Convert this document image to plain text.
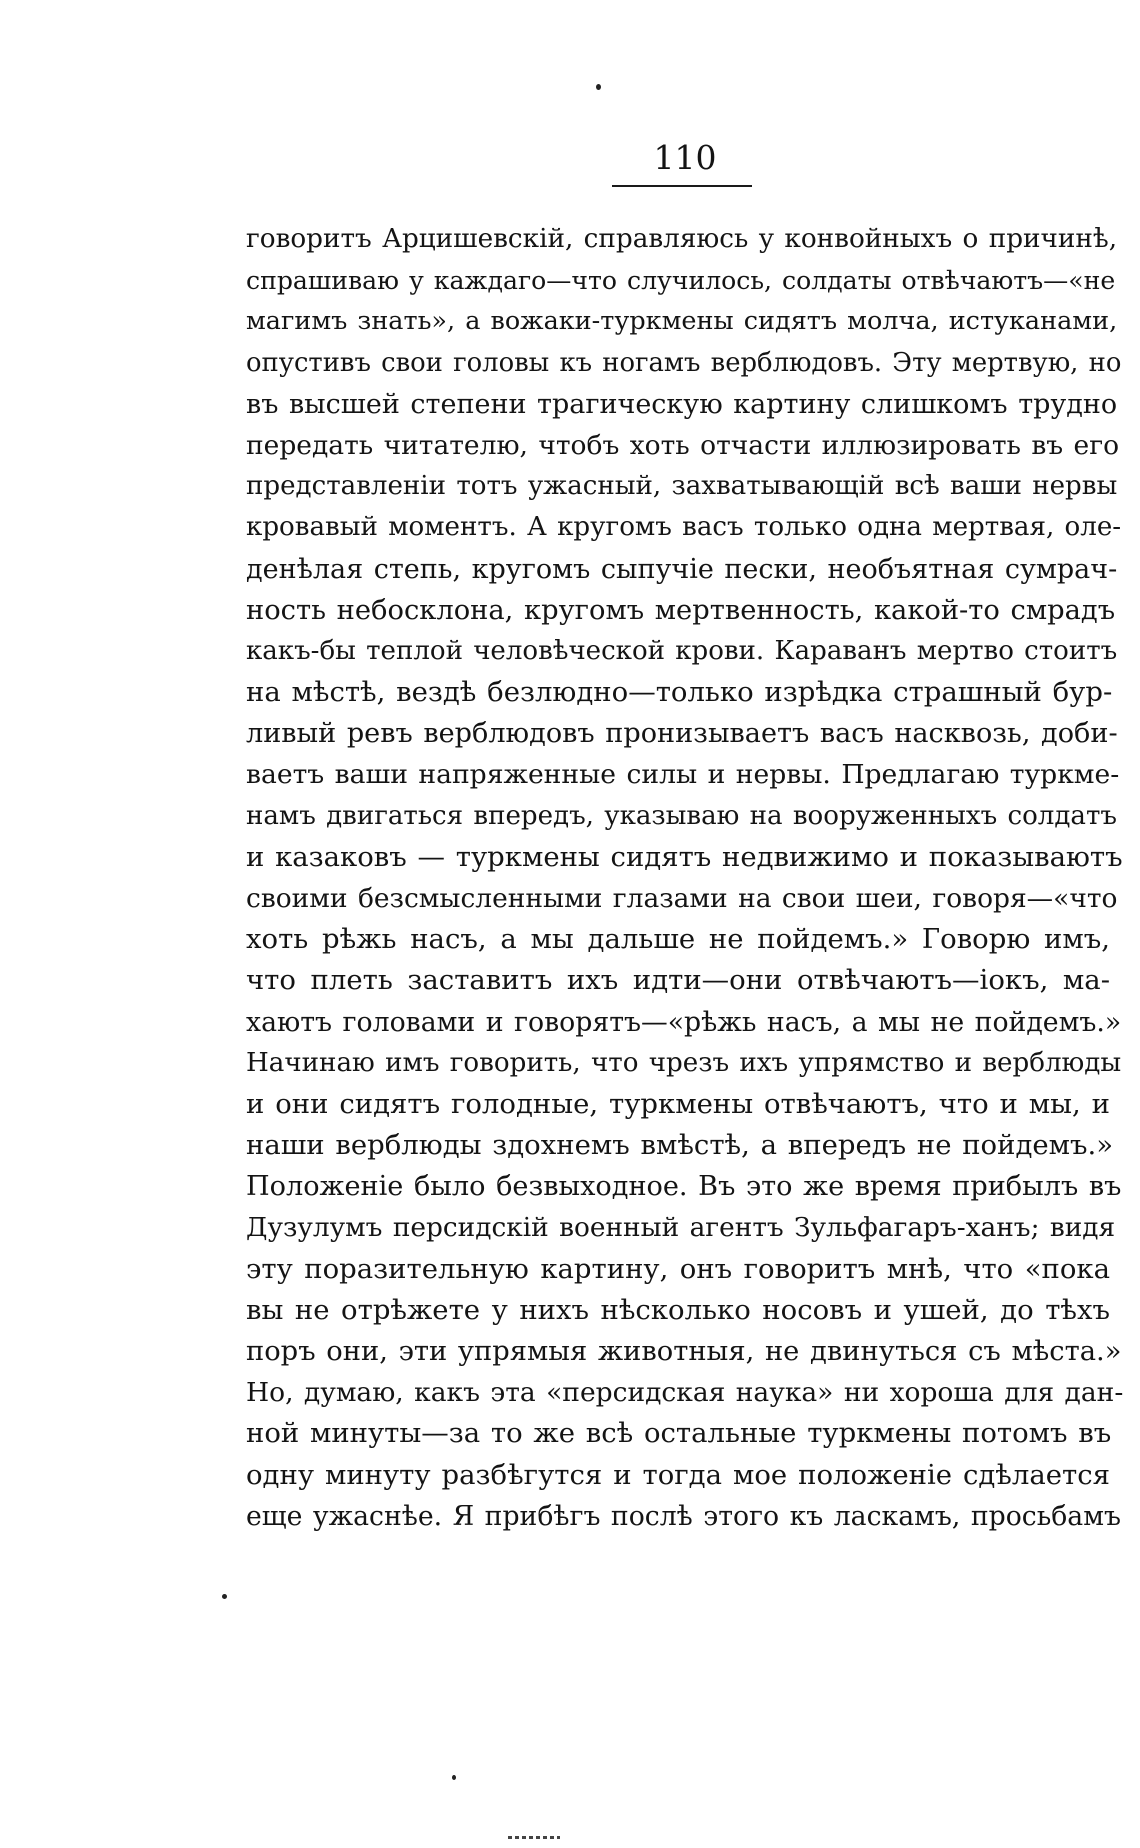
110
говоритъ Арцишевскiй, справляюсь у конвойныхъ о причинѣ,
спрашиваю у каждаго—что случилось, солдаты отвѣчаютъ—«не
магимъ знать», а вожаки-туркмены сидятъ молча, истуканами,
опустивъ свои головы къ ногамъ верблюдовъ. Эту мертвую, но
въ высшей степени трагическую картину слишкомъ трудно
передать читателю, чтобъ хоть отчасти иллюзировать въ его
представленiи тотъ ужасный, захватывающiй всѣ ваши нервы
кровавый моментъ. А кругомъ васъ только одна мертвая, оле-
денѣлая степь, кругомъ сыпучiе пески, необъятная сумрач-
ность небосклона, кругомъ мертвенность, какой-то смрадъ
какъ-бы теплой человѣческой крови. Караванъ мертво стоитъ
на мѣстѣ, вездѣ безлюдно—только изрѣдка страшный бур-
ливый ревъ верблюдовъ пронизываетъ васъ насквозь, доби-
ваетъ ваши напряженные силы и нервы. Предлагаю туркме-
намъ двигаться впередъ, указываю на вооруженныхъ солдатъ
и казаковъ — туркмены сидятъ недвижимо и показываютъ
своими безсмысленными глазами на свои шеи, говоря—«что
хоть рѣжь насъ, а мы дальше не пойдемъ.» Говорю имъ,
что плеть заставитъ ихъ идти—они отвѣчаютъ—iокъ, ма-
хаютъ головами и говорятъ—«рѣжь насъ, а мы не пойдемъ.»
Начинаю имъ говорить, что чрезъ ихъ упрямство и верблюды
и они сидятъ голодные, туркмены отвѣчаютъ, что и мы, и
наши верблюды здохнемъ вмѣстѣ, а впередъ не пойдемъ.»
Положенiе было безвыходное. Въ это же время прибылъ въ
Дузулумъ персидскiй военный агентъ Зульфагаръ-ханъ; видя
эту поразительную картину, онъ говоритъ мнѣ, что «пока
вы не отрѣжете у нихъ нѣсколько носовъ и ушей, до тѣхъ
поръ они, эти упрямыя животныя, не двинуться съ мѣста.»
Но, думаю, какъ эта «персидская наука» ни хороша для дан-
ной минуты—за то же всѣ остальные туркмены потомъ въ
одну минуту разбѣгутся и тогда мое положенiе сдѣлается
еще ужаснѣе. Я прибѣгъ послѣ этого къ ласкамъ, просьбамъ
